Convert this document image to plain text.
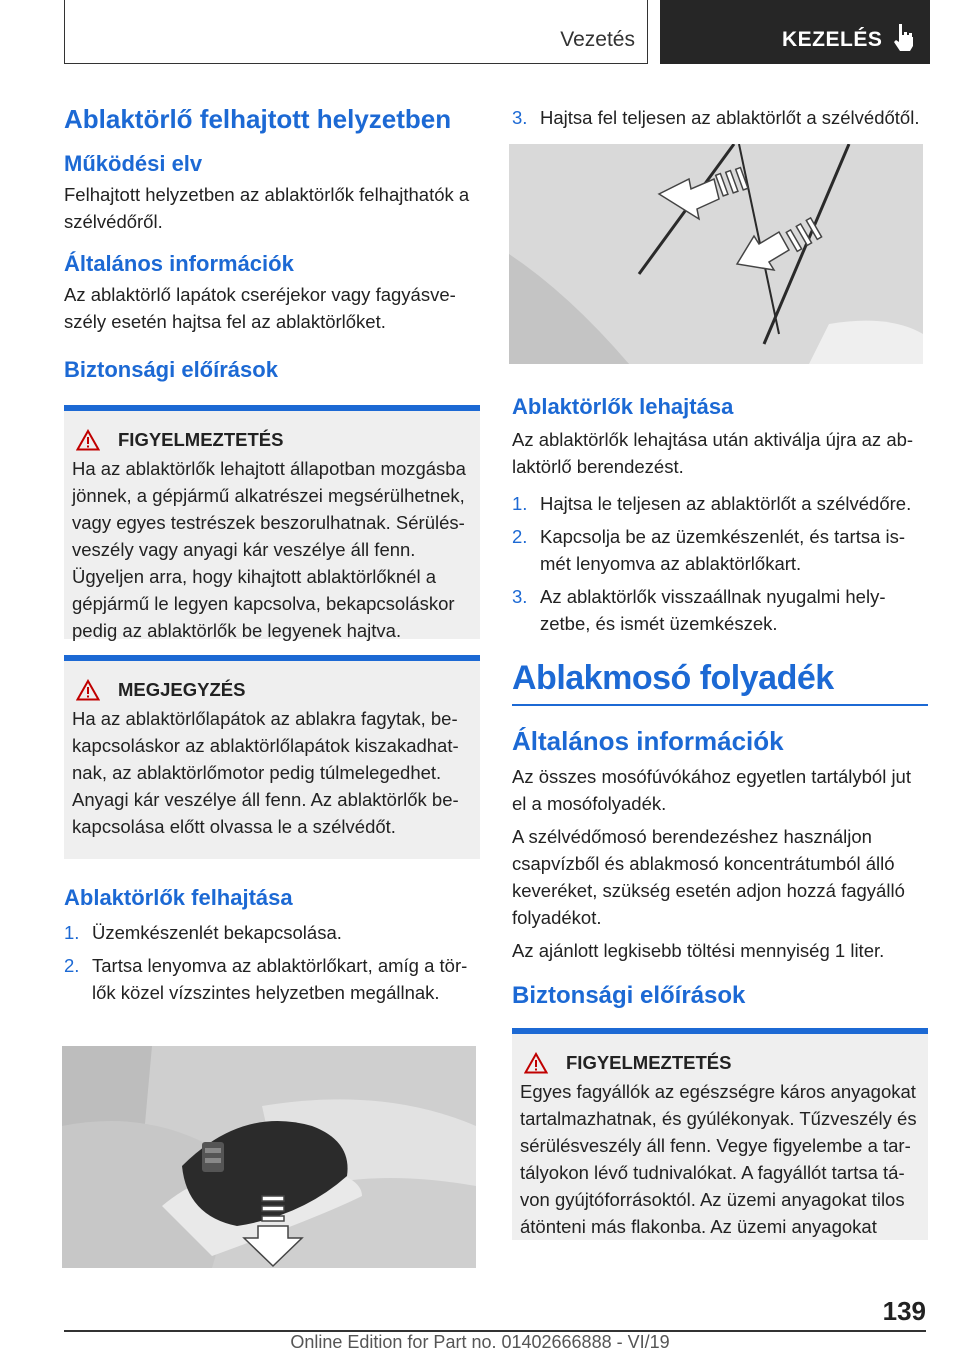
Vezetés	KEZELÉS
Ablaktörlő felhajtott helyzetben
Működési elv

Felhajtott helyzetben az ablaktörlők felhajthatók a szélvédőről.

Általános információk

Az ablaktörlő lapátok cseréjekor vagy fagyásve-szély esetén hajtsa fel az ablaktörlőket.

Biztonsági előírások
FIGYELMEZTETÉS

Ha az ablaktörlők lehajtott állapotban mozgásba jönnek, a gépjármű alkatrészei megsérülhetnek, vagy egyes testrészek beszorulhatnak. Sérülés-veszély vagy anyagi kár veszélye áll fenn. Ügyeljen arra, hogy kihajtott ablaktörlőknél a gépjármű le legyen kapcsolva, bekapcsoláskor pedig az ablaktörlők be legyenek hajtva.

MEGJEGYZÉS

Ha az ablaktörlőlapátok az ablakra fagytak, be-kapcsoláskor az ablaktörlőlapátok kiszakadhat-nak, az ablaktörlőmotor pedig túlmelegedhet. Anyagi kár veszélye áll fenn. Az ablaktörlők be-kapcsolása előtt olvassa le a szélvédőt.

Ablaktörlők felhajtása
1. Üzemkészenlét bekapcsolása.
2. Tartsa lenyomva az ablaktörlőkart, amíg a tör-lők közel vízszintes helyzetben megállnak.
3. Hajtsa fel teljesen az ablaktörlőt a szélvédőtől.
Ablaktörlők lehajtása

Az ablaktörlők lehajtása után aktiválja újra az ab-laktörlő berendezést.

1. Hajtsa le teljesen az ablaktörlőt a szélvédőre.
2. Kapcsolja be az üzemkészenlét, és tartsa is-mét lenyomva az ablaktörlőkart.
3. Az ablaktörlők visszaállnak nyugalmi hely-zetbe, és ismét üzemkészek.
Ablakmosó folyadék
Általános információk

Az összes mosófúvókához egyetlen tartályból jut el a mosófolyadék.

A szélvédőmosó berendezéshez használjon csapvízből és ablakmosó koncentrátumból álló keveréket, szükség esetén adjon hozzá fagyálló folyadékot.

Az ajánlott legkisebb töltési mennyiség 1 liter.

Biztonsági előírások
FIGYELMEZTETÉS

Egyes fagyállók az egészségre káros anyagokat tartalmazhatnak, és gyúlékonyak. Tűzveszély és sérülésveszély áll fenn. Vegye figyelembe a tar-tályokon lévő tudnivalókat. A fagyállót tartsa tá-von gyújtóforrásoktól. Az üzemi anyagokat tilos átönteni más flakonba. Az üzemi anyagokat

139
Online Edition for Part no. 01402666888 - VI/19
